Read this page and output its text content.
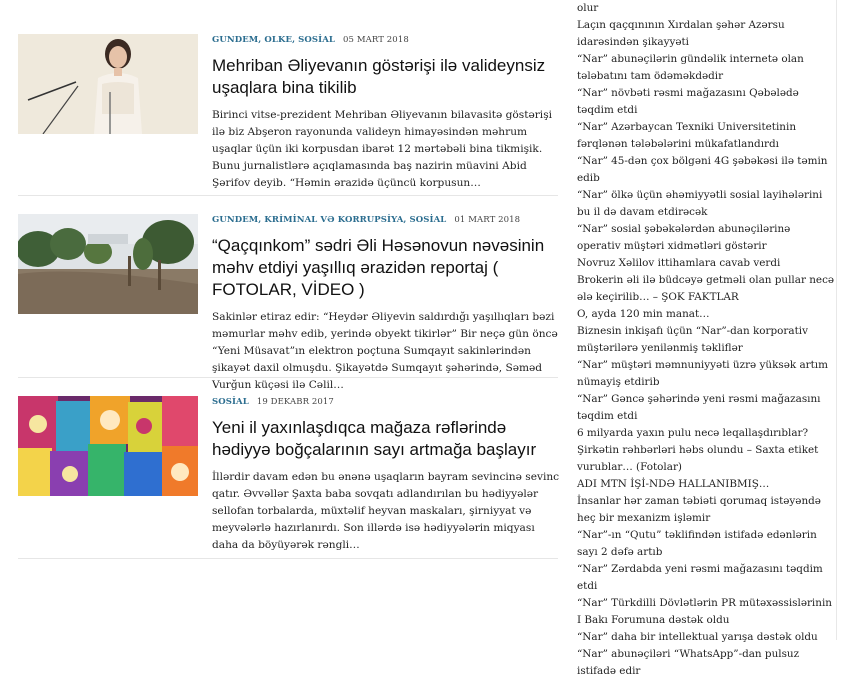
GUNDEM, OLKE, SOSİAL 05 MART 2018
Mehriban Əliyevanın göstərişi ilə valideynsiz uşaqlara bina tikilib

Birinci vitse-prezident Mehriban Əliyevanın bilavasitə göstərişi ilə biz Abşeron rayonunda valideyn himayəsindən məhrum uşaqlar üçün iki korpusdan ibarət 12 mərtəbəli bina tikmişik. Bunu jurnalistlərə açıqlamasında baş nazirin müavini Abid Şərifov deyib. “Həmin ərazidə üçüncü korpusun…

GUNDEM, KRİMİNAL VƏ KORRUPSİYA, SOSİAL 01 MART 2018
“Qaçqınkom” sədri Əli Həsənovun nəvəsinin məhv etdiyi yaşıllıq ərazidən reportaj ( FOTOLAR, VİDEO )

Sakinlər etiraz edir: “Heydər Əliyevin saldırdığı yaşıllıqları bəzi məmurlar məhv edib, yerində obyekt tikirlər” Bir neçə gün öncə “Yeni Müsavat”ın elektron poçtuna Sumqayıt sakinlərindən şikayət daxil olmuşdu. Şikayətdə Sumqayıt şəhərində, Səməd Vurğun küçəsi ilə Cəlil…

SOSİAL 19 DEKABR 2017
Yeni il yaxınlaşdıqca mağaza rəflərində hədiyyə boğçalarının sayı artmağa başlayır

İllərdir davam edən bu ənənə uşaqların bayram sevincinə sevinc qatır. Əvvəllər Şaxta baba sovqatı adlandırılan bu hədiyyələr sellofan torbalarda, müxtəlif heyvan maskaları, şirniyyat və meyvələrlə hazırlanırdı. Son illərdə isə hədiyyələrin miqyası daha da böyüyərək rəngli…

olur
Laçın qaçqınının Xırdalan şəhər Azərsu idarəsindən şikayyəti
“Nar” abunəçilərin gündəlik internetə olan tələbatını tam ödəməkdədir
“Nar” növbəti rəsmi mağazasını Qəbələdə təqdim etdi
“Nar” Azərbaycan Texniki Universitetinin fərqlənən tələbələrini mükafatlandırdı
“Nar” 45-dən çox bölgəni 4G şəbəkəsi ilə təmin edib
“Nar” ölkə üçün əhəmiyyətli sosial layihələrini bu il də davam etdirəcək
“Nar” sosial şəbəkələrdən abunəçilərinə operativ müştəri xidmətləri göstərir
Novruz Xəlilov ittihamlara cavab verdi
Brokerin əli ilə büdcəyə getməli olan pullar necə ələ keçirilib… – ŞOK FAKTLAR
O, ayda 120 min manat…
Biznesin inkişafı üçün “Nar”-dan korporativ müştərilərə yenilənmiş təkliflər
“Nar” müştəri məmnuniyyəti üzrə yüksək artım nümayiş etdirib
“Nar” Gəncə şəhərində yeni rəsmi mağazasını təqdim etdi
6 milyarda yaxın pulu necə leqallaşdırıblar?
Şirkətin rəhbərləri həbs olundu – Saxta etiket vurublar… (Fotolar)
ADI MTN İŞİ-NDƏ HALLANIBMIŞ…
İnsanlar hər zaman təbiəti qorumaq istəyəndə heç bir mexanizm işləmir
“Nar”-ın “Qutu” təklifindən istifadə edənlərin sayı 2 dəfə artıb
“Nar” Zərdabda yeni rəsmi mağazasını təqdim etdi
“Nar” Türkdilli Dövlətlərin PR mütəxəssislərinin I Bakı Forumuna dəstək oldu
“Nar” daha bir intellektual yarışa dəstək oldu
“Nar” abunəçiləri “WhatsApp”-dan pulsuz istifadə edir
